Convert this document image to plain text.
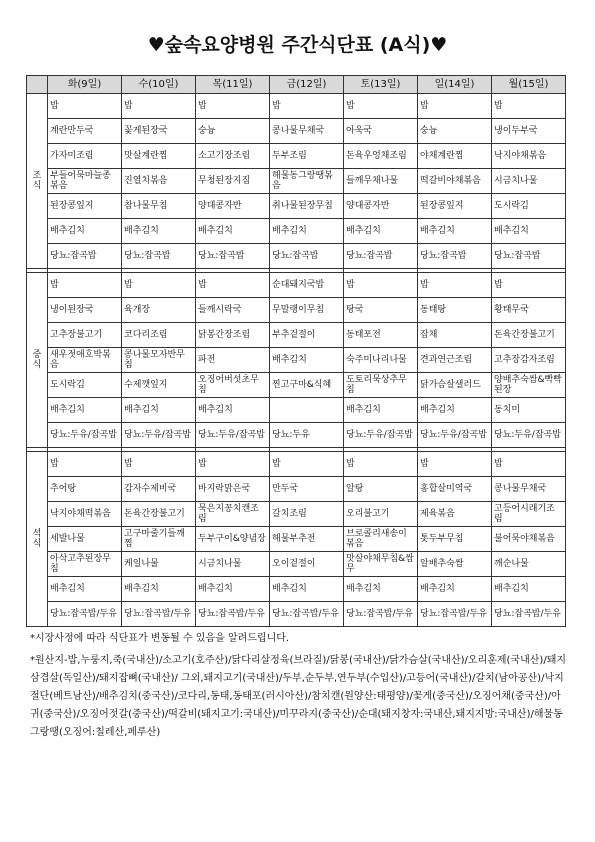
♥숲속요양병원 주간식단표 (A식)♥
	화(9일)	수(10일)	목(11일)	금(12일)	토(13일)	일(14일)	월(15일)

조
식	밥	밥	밥	밥	밥	밥	밥
	계란만두국	꽃게된장국	숭늉	콩나물무채국	아욱국	숭늉	냉이두부국
	가자미조림	맛살계란찜	소고기장조림	두부조림	돈육우엉채조림	야채계란찜	낙지야채볶음
	부들어묵마늘종볶음	진열치볶음	무청된장지짐	해물동그랑땡볶음	들깨무채나물	떡갈비야채볶음	시금치나물
	된장콩잎지	참나물무침	양대콩자반	취나물된장무침	양대콩자반	된장콩잎지	도시락김
	배추김치	배추김치	배추김치	배추김치	배추김치	배추김치	배추김치
	당뇨:잡곡밥	당뇨:잡곡밥	당뇨:잡곡밥	당뇨:잡곡밥	당뇨:잡곡밥	당뇨:잡곡밥	당뇨:잡곡밥

중
식	밥	밥	밥	순대돼지국밥	밥	밥	밥
	냉이된장국	육개장	들깨시락국	무말랭이무침	탕국	동태탕	황태무국
	고추장불고기	코다리조림	닭봉간장조림	부추겉절이	동태포전	잡채	돈육간장불고기
	새우젓애호박볶음	콩나물모자반무침	파전	배추김치	숙주미나리나물	견과연근조림	고추장감자조림
	도시락김	수제깻잎지	오징어버섯초무침	찐고구마&식혜	도토리묵상추무침	닭가슴살샐러드	양배추숙쌈&빡빡된장
	배추김치	배추김치	배추김치		배추김치	배추김치	동치미
	당뇨:두유/잡곡밥	당뇨:두유/잡곡밥	당뇨:두유/잡곡밥	당뇨:두유	당뇨:두유/잡곡밥	당뇨:두유/잡곡밥	당뇨:두유/잡곡밥

석
식	밥	밥	밥	밥	밥	밥	밥
	추어탕	감자수제비국	바지락맑은국	만두국	알탕	홍합살미역국	콩나물무채국
	낙지야채떡볶음	돈육간장불고기	묵은지꽁치캔조림	갈치조림	오리불고기	제육볶음	고등어시래기조림
	세발나물	고구마줄기들깨찜	두부구이&양념장	해물부추전	브로콜리새송이볶음	톳두부무침	불어묵야채볶음
	아삭고추된장무침	케일나물	시금치나물	오이겉절이	맛살야채무침&쌈무	알배추숙쌈	깨순나물
	배추김치	배추김치	배추김치	배추김치	배추김치	배추김치	배추김치
	당뇨:잡곡밥/두유	당뇨:잡곡밥/두유	당뇨:잡곡밥/두유	당뇨:잡곡밥/두유	당뇨:잡곡밥/두유	당뇨:잡곡밥/두유	당뇨:잡곡밥/두유

*시장사정에 따라 식단표가 변동될 수 있음을 알려드립니다.

*원산지-밥,누룽지,죽(국내산)/소고기(호주산)/닭다리살정육(브라질)/닭봉(국내산)/닭가슴살(국내산)/오리훈제(국내산)/돼지삼겹살(독일산)/돼지잡뼈(국내산)/ 그외,돼지고기(국내산)/두부,순두부,연두부(수입산)/고등어(국내산)/갈치(남아공산)/낙지절단(베트남산)/배추김치(중국산)/코다리,동태,동태포(러시아산)/참치캔(원양산:태평양)/꽃게(중국산)/오징어채(중국산)/아귀(중국산)/오징어젓갈(중국산)/떡갈비(돼지고기:국내산)/미꾸라지(중국산)/순대(돼지창자:국내산,돼지지방:국내산)/해물동그랑땡(오징어:칠레산,페루산)
